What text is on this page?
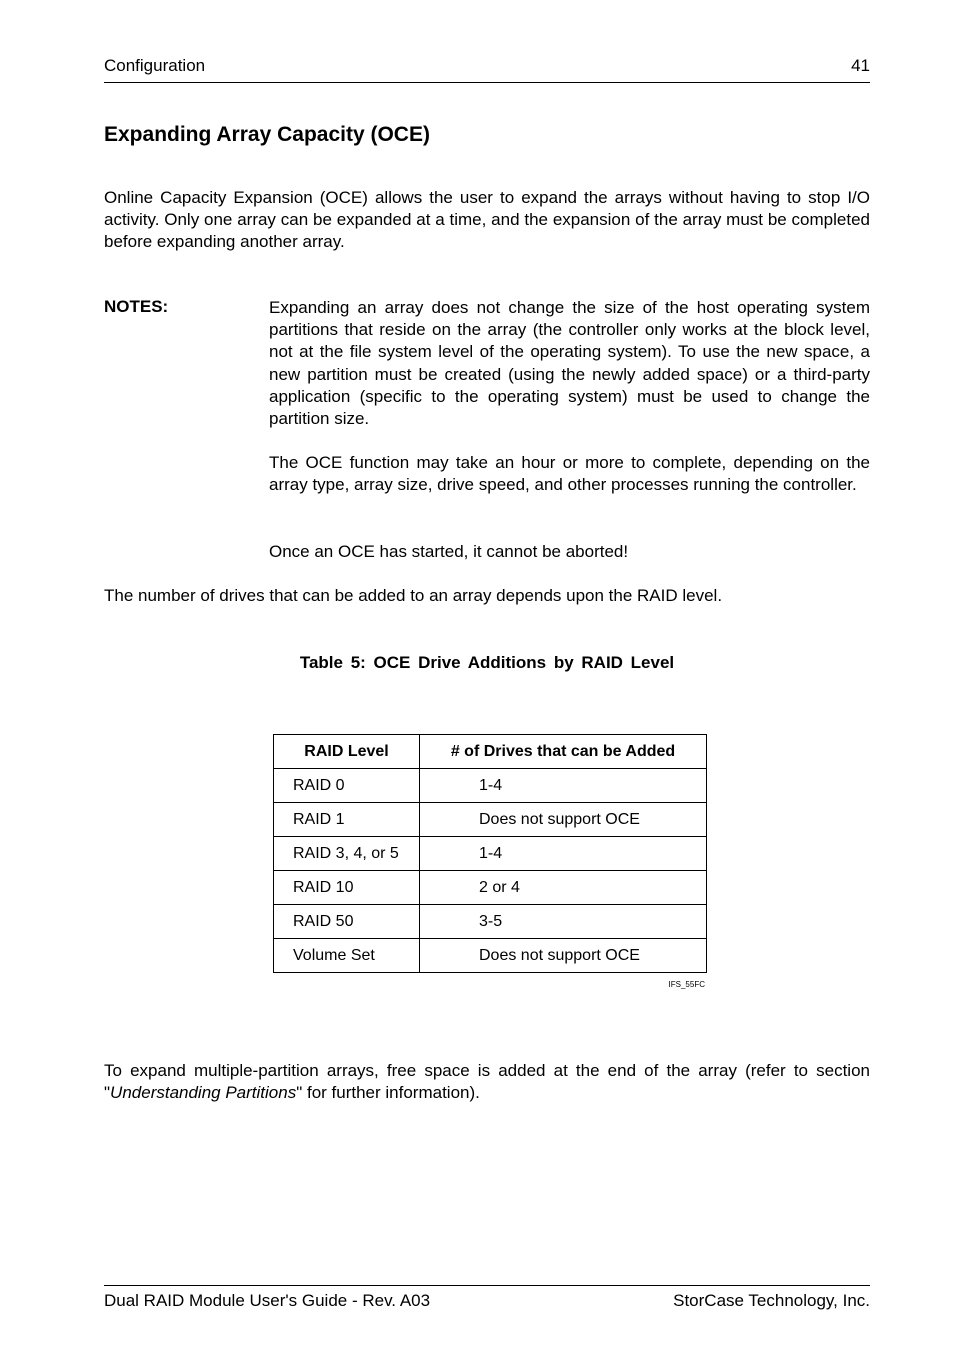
Configuration	41
Expanding Array Capacity (OCE)

Online Capacity Expansion (OCE) allows the user to expand the arrays without having to stop I/O activity. Only one array can be expanded at a time, and the expansion of the array must be completed before expanding another array.

NOTES:	Expanding an array does not change the size of the host operating system partitions that reside on the array (the controller only works at the block level, not at the file system level of the operating system). To use the new space, a new partition must be created (using the newly added space) or a third-party application (specific to the operating system) must be used to change the partition size.

The OCE function may take an hour or more to complete, depending on the array type, array size, drive speed, and other processes running the controller.

Once an OCE has started, it cannot be aborted!

The number of drives that can be added to an array depends upon the RAID level.

Table 5: OCE Drive Additions by RAID Level
RAID Level	# of Drives that can be Added
RAID 0	1-4
RAID 1	Does not support OCE
RAID 3, 4, or 5	1-4
RAID 10	2 or 4
RAID 50	3-5
Volume Set	Does not support OCE
IFS_55FC

To expand multiple-partition arrays, free space is added at the end of the array (refer to section "Understanding Partitions" for further information).

Dual RAID Module User's Guide - Rev. A03	StorCase Technology, Inc.
